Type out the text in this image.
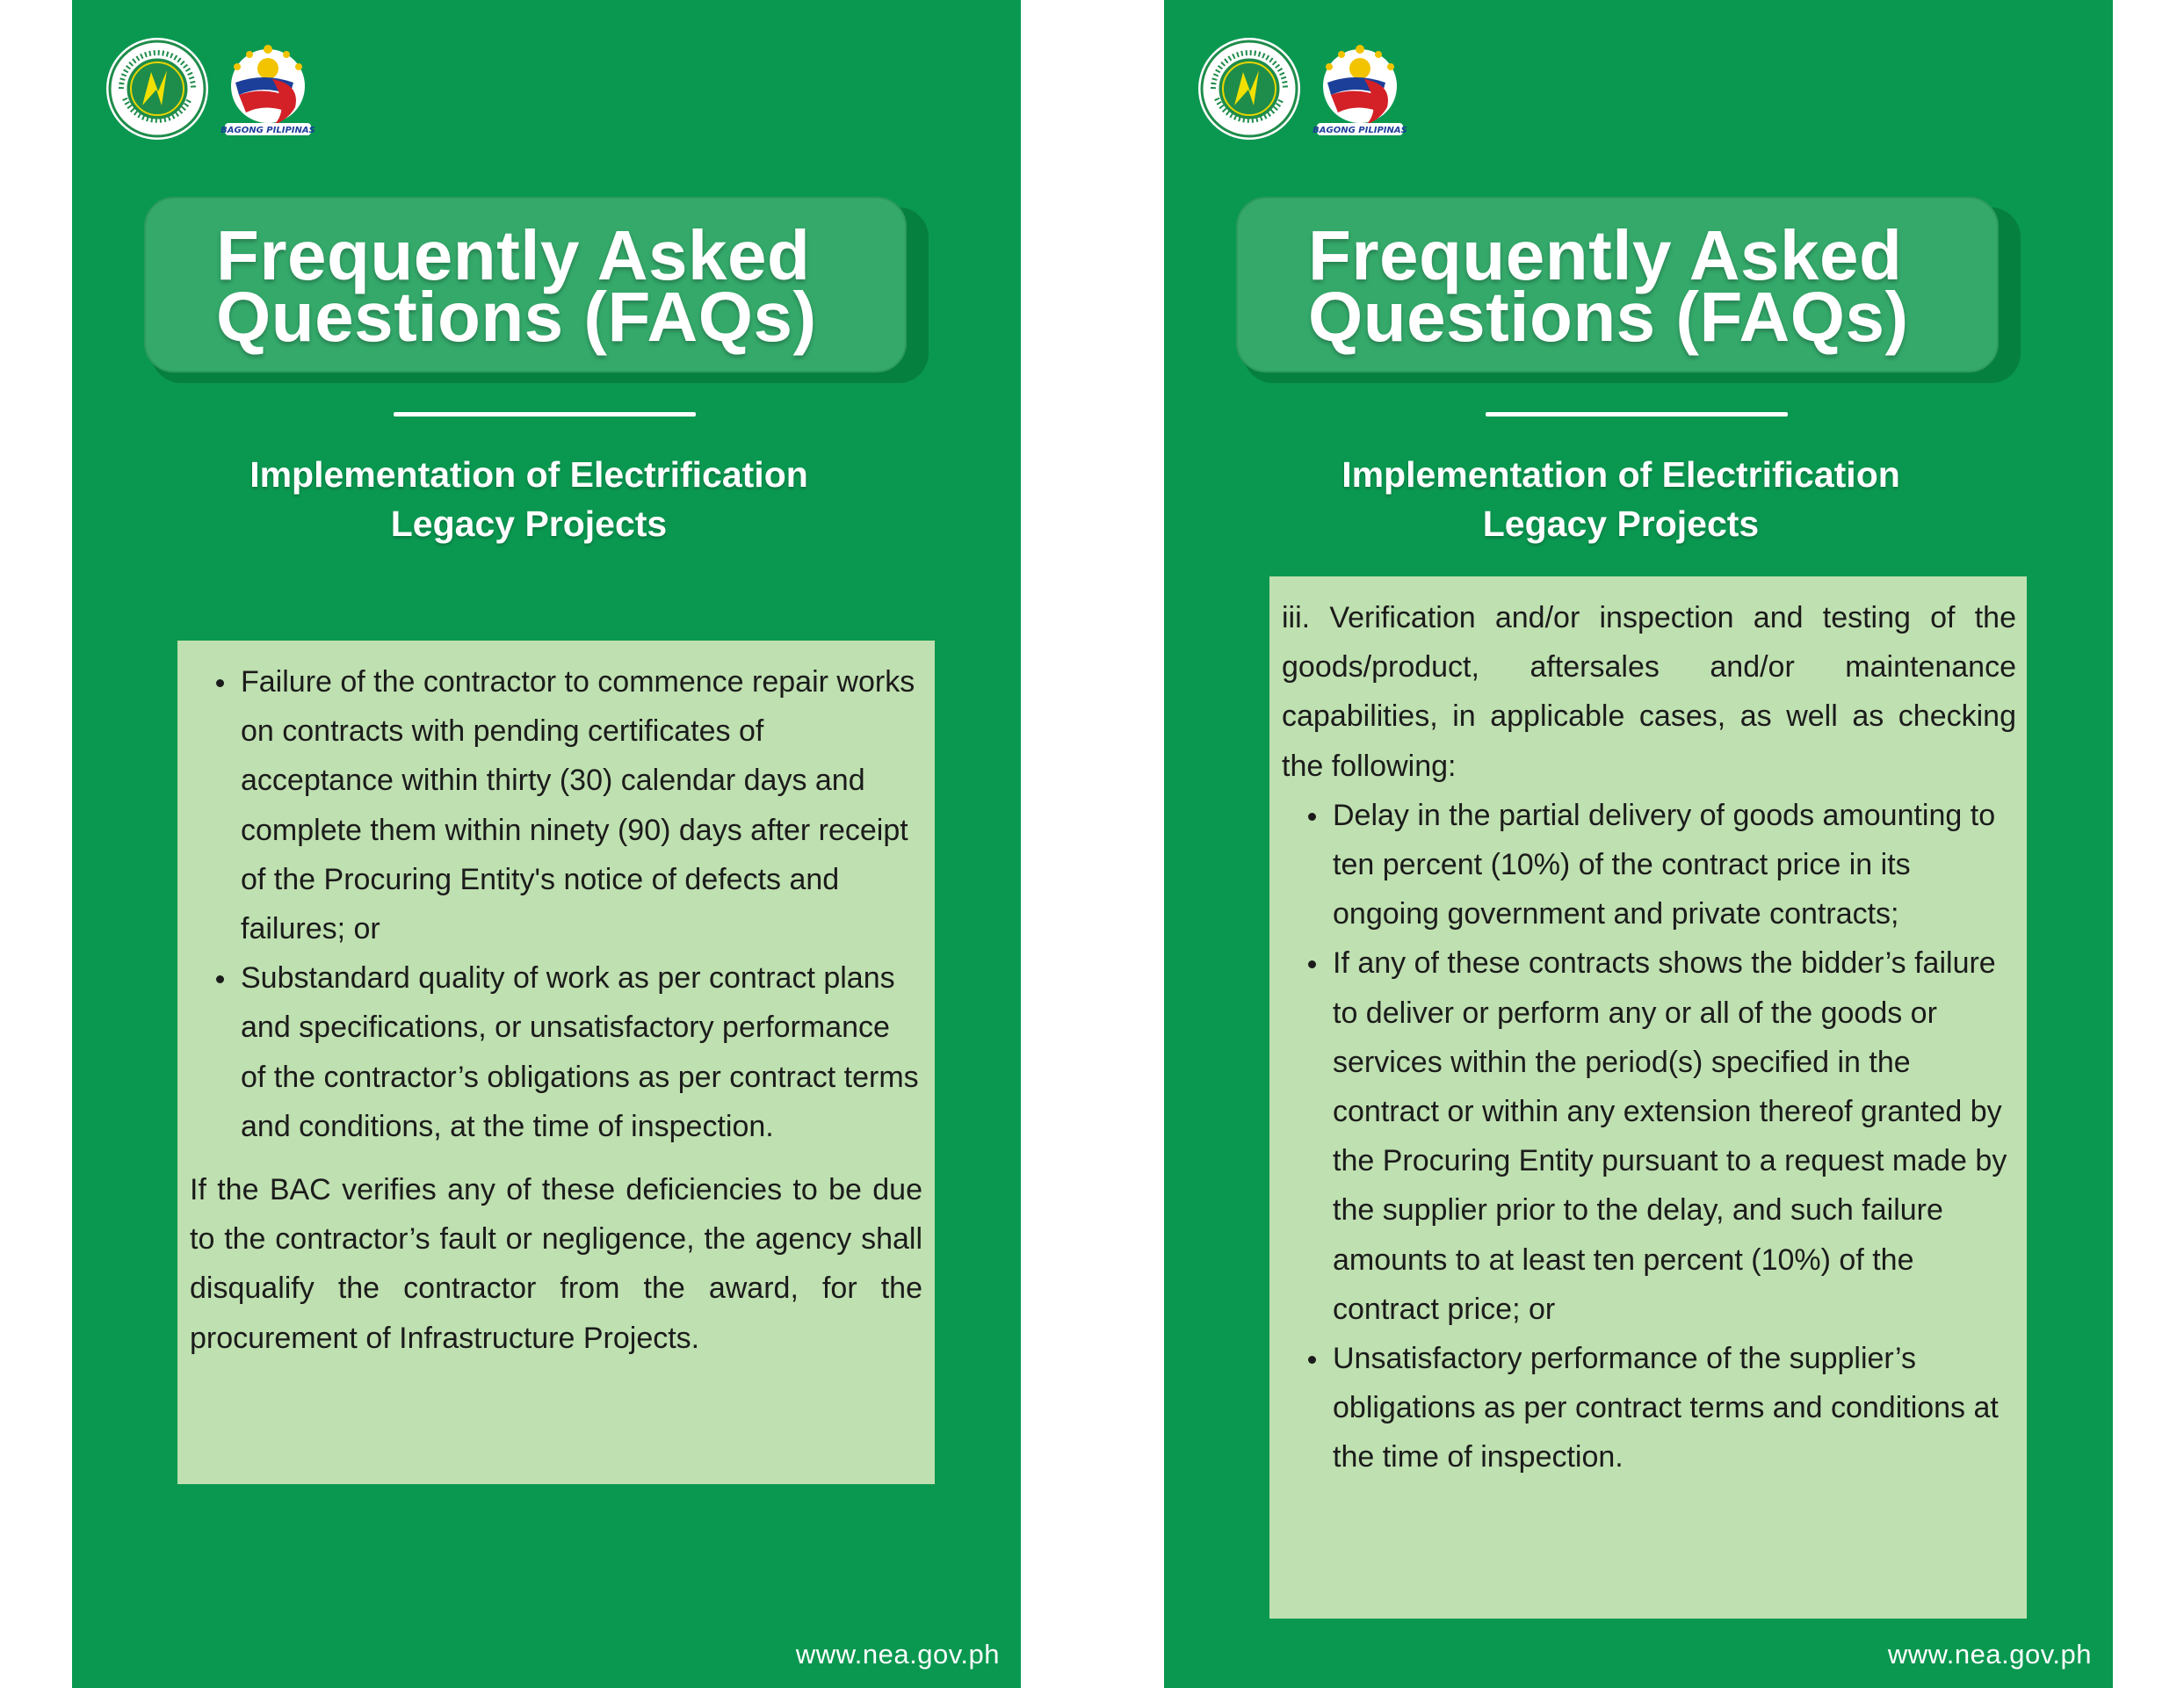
BAGONG PILIPINAS
Frequently Asked
Questions (FAQs)
Implementation of Electrification
Legacy Projects
Failure of the contractor to commence repair works on contracts with pending certificates of acceptance within thirty (30) calendar days and complete them within ninety (90) days after receipt of the Procuring Entity's notice of defects and failures; or
Substandard quality of work as per contract plans and specifications, or unsatisfactory performance of the contractor’s obligations as per contract terms and conditions, at the time of inspection.

If the BAC verifies any of these deficiencies to be due to the contractor’s fault or negligence, the agency shall disqualify the contractor from the award, for the procurement of Infrastructure Projects.

www.nea.gov.ph
BAGONG PILIPINAS
Frequently Asked
Questions (FAQs)
Implementation of Electrification
Legacy Projects

iii. Verification and/or inspection and testing of the goods/product, aftersales and/or maintenance capabilities, in applicable cases, as well as checking the following:

Delay in the partial delivery of goods amounting to ten percent (10%) of the contract price in its ongoing government and private contracts;
If any of these contracts shows the bidder’s failure to deliver or perform any or all of the goods or services within the period(s) specified in the contract or within any extension thereof granted by the Procuring Entity pursuant to a request made by the supplier prior to the delay, and such failure amounts to at least ten percent (10%) of the contract price; or
Unsatisfactory performance of the supplier’s obligations as per contract terms and conditions at the time of inspection.
www.nea.gov.ph
